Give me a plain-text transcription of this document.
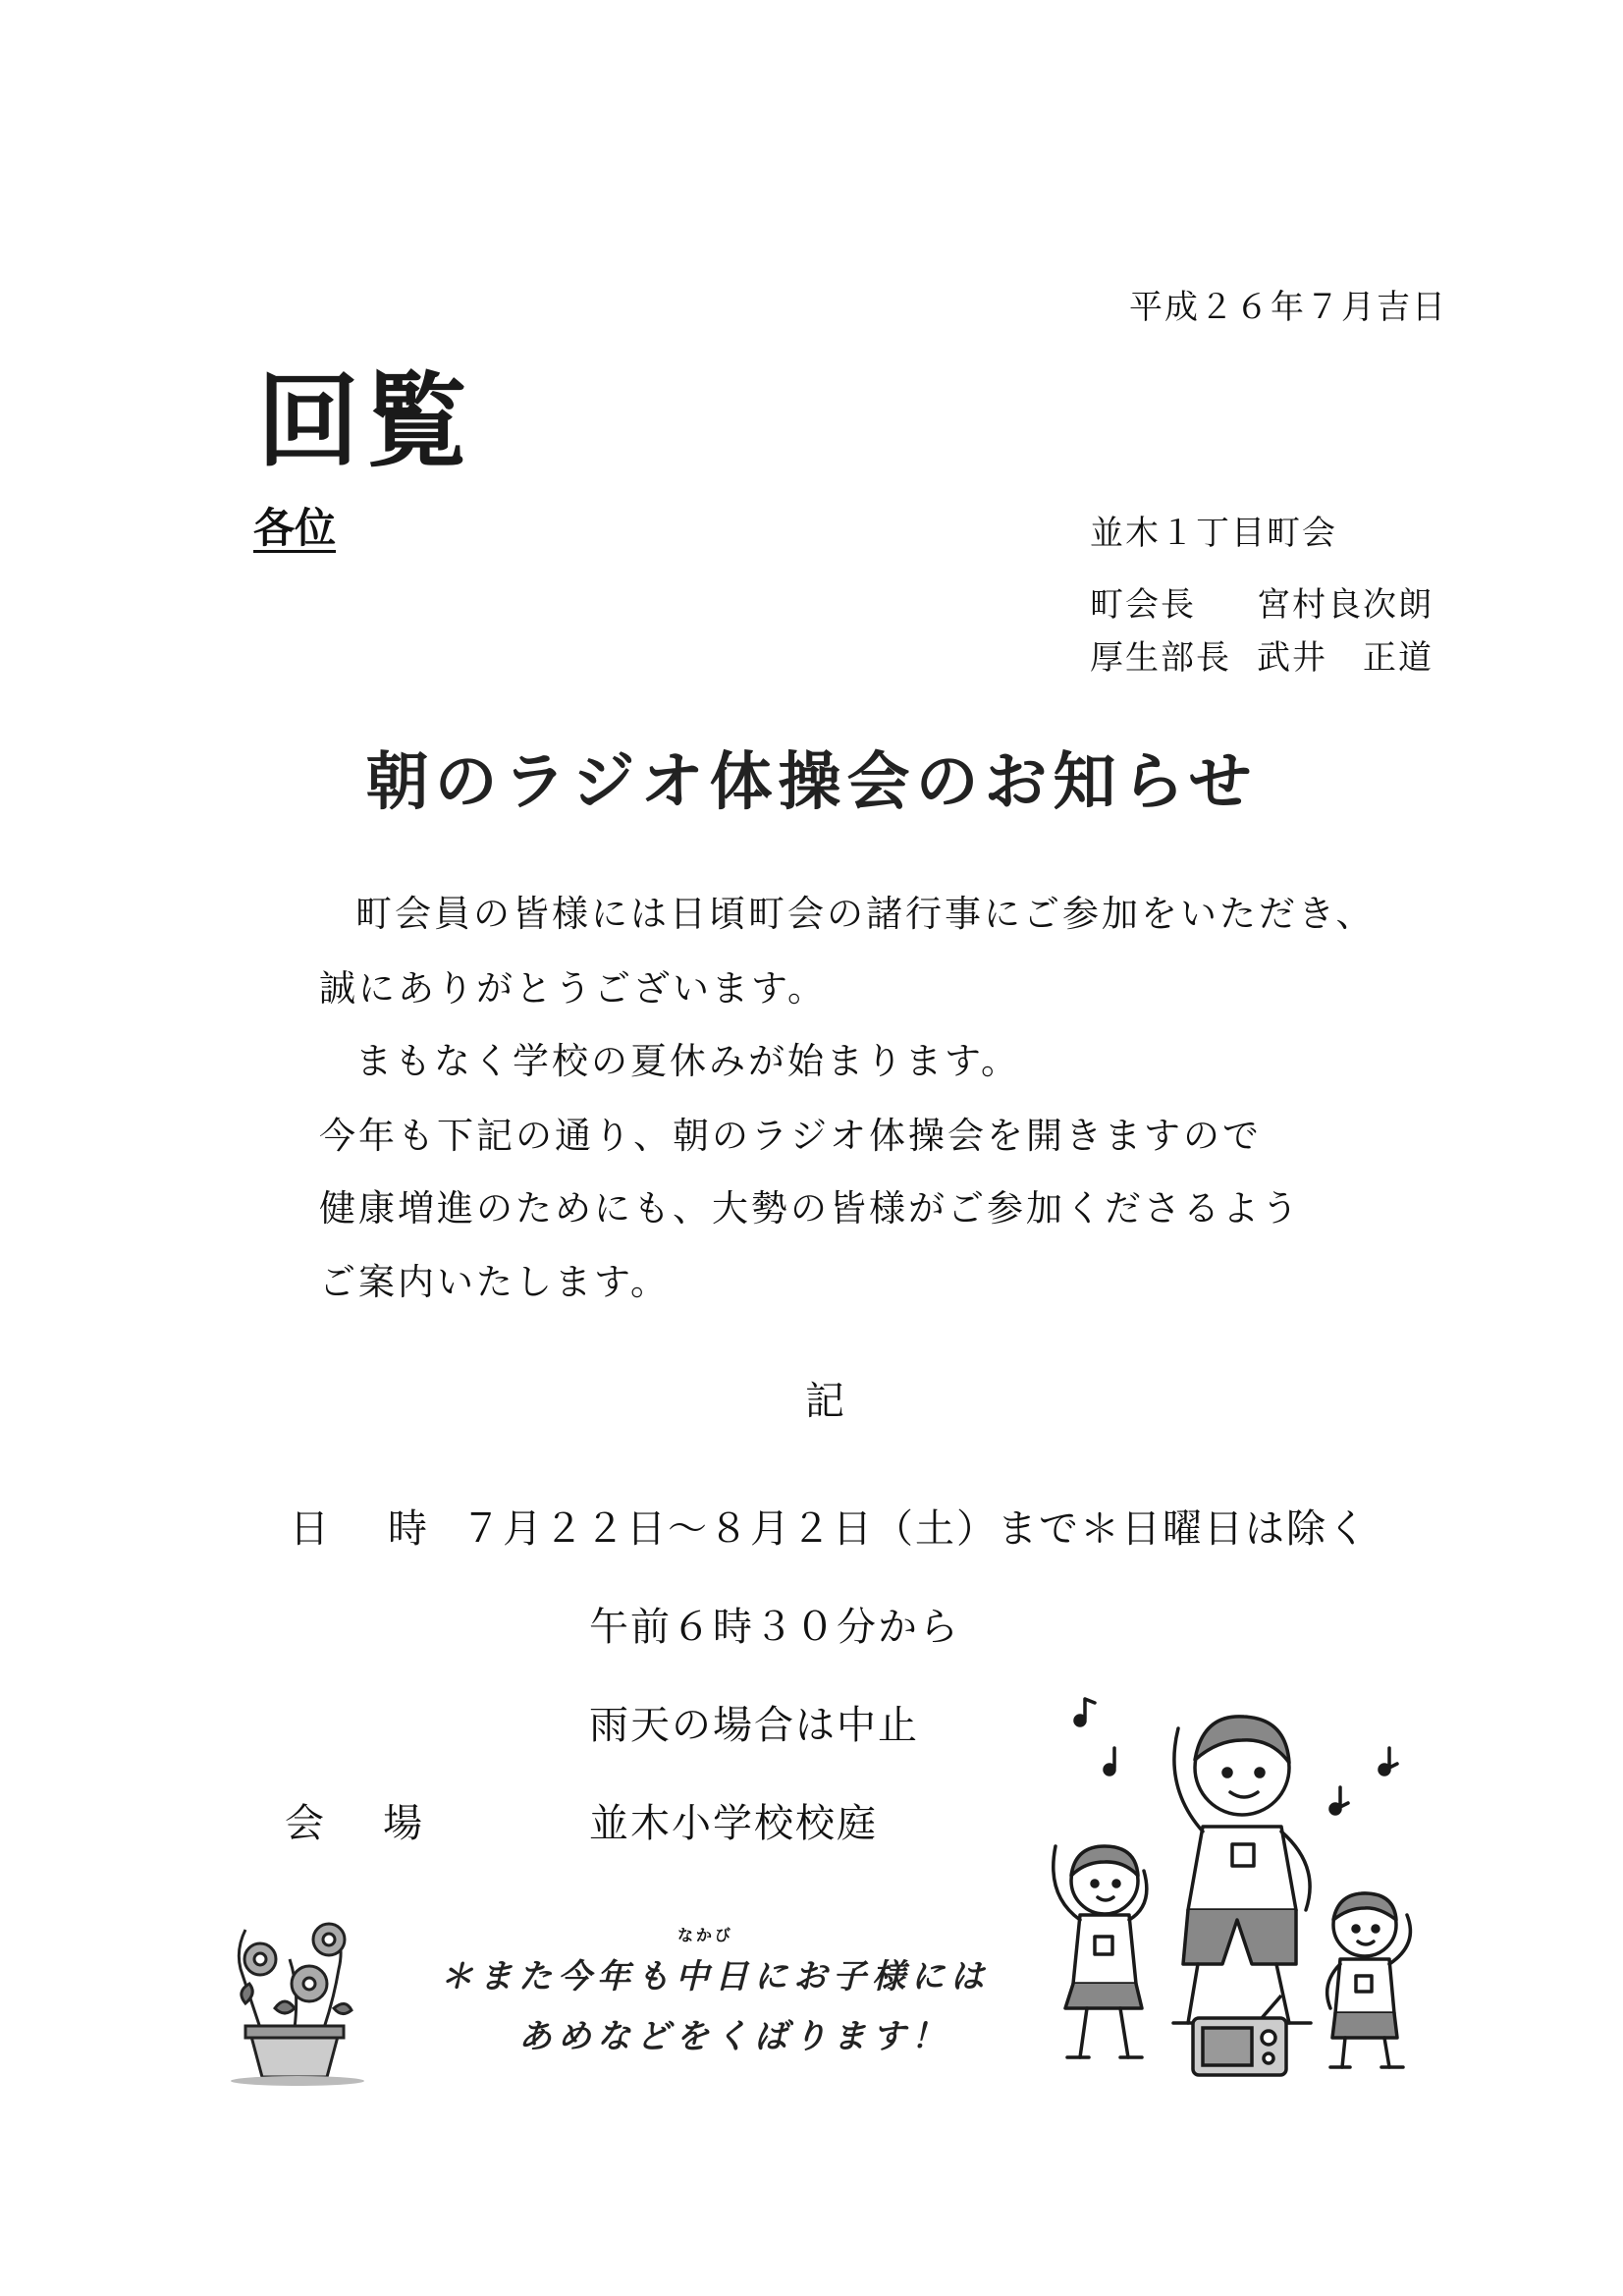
平成２６年７月吉日
回覧
各位	並木１丁目町会
町会長 宮村良次朗
厚生部長 武井　正道
朝のラジオ体操会のお知らせ
町会員の皆様には日頃町会の諸行事にご参加をいただき、
誠にありがとうございます。
まもなく学校の夏休みが始まります。
今年も下記の通り、朝のラジオ体操会を開きますので
健康増進のためにも、大勢の皆様がご参加くださるよう
ご案内いたします。
記
日 時 ７月２２日～８月２日（土）まで＊日曜日は除く
午前６時３０分から
雨天の場合は中止
会 場	並木小学校校庭
なかび
＊また今年も中日にお子様には
あめなどをくばります！
